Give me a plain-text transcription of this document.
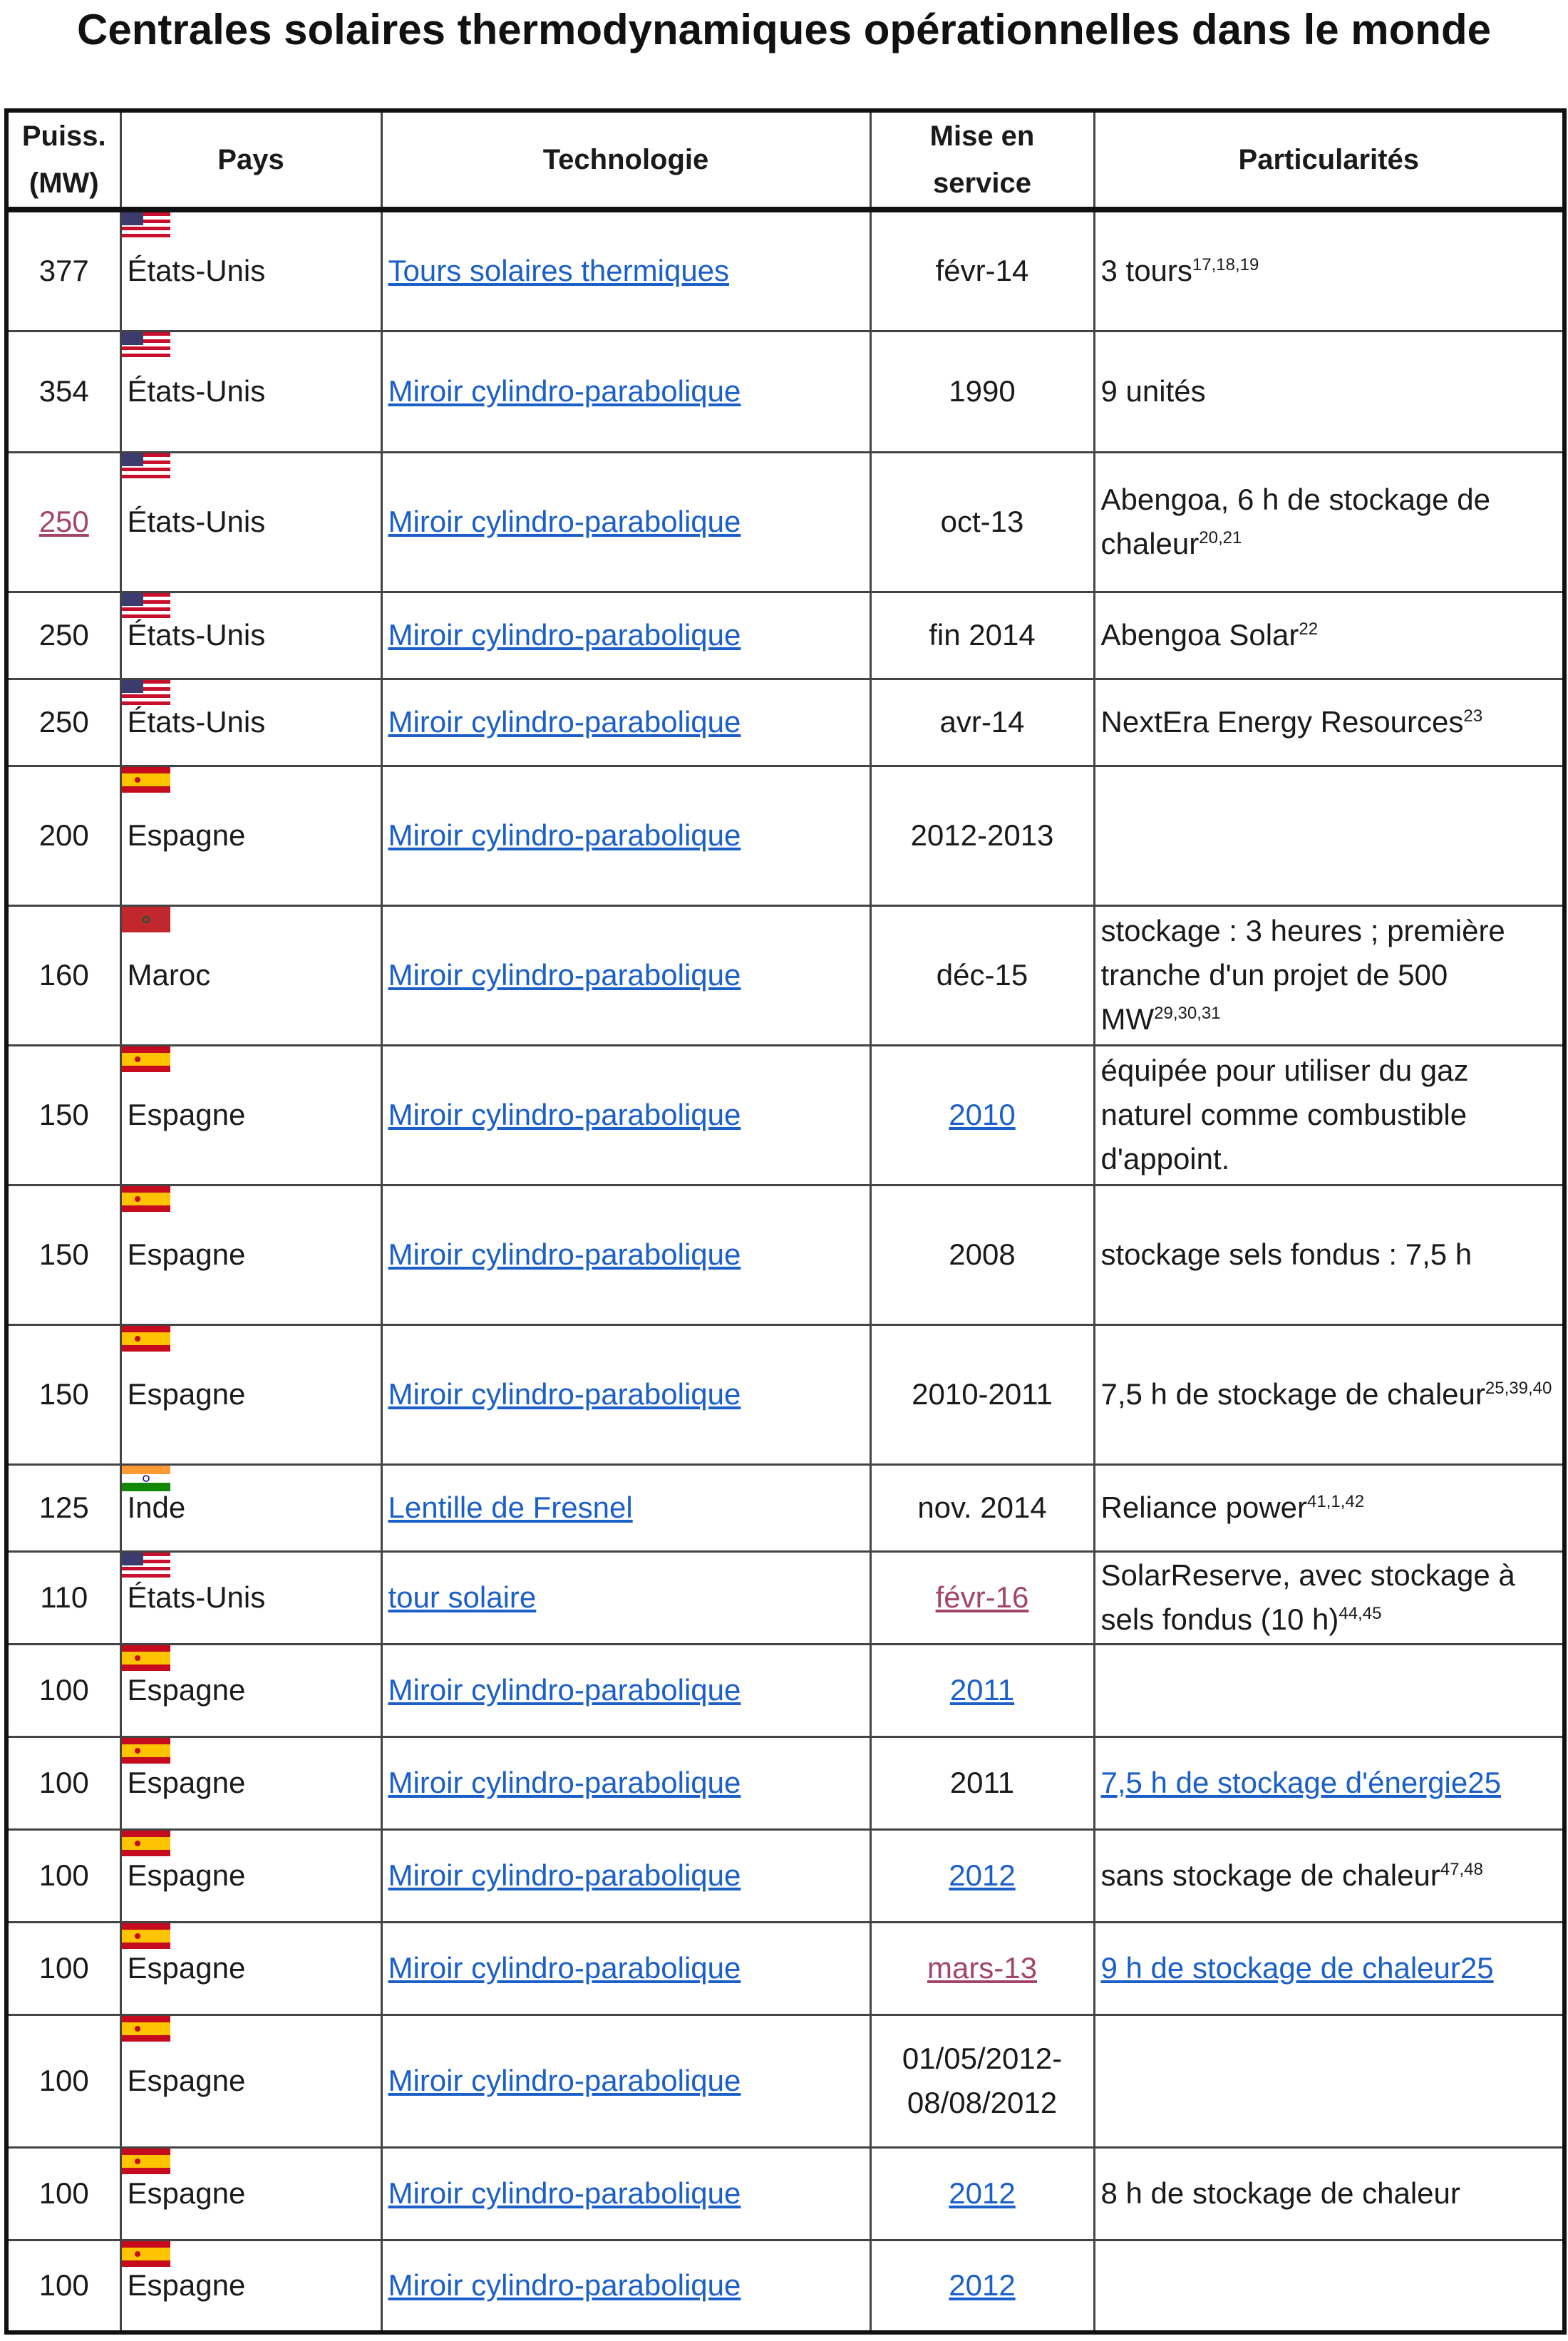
Centrales solaires thermodynamiques opérationnelles dans le monde
Puiss. (MW)	Pays	Technologie	Mise en service	Particularités
377	États-Unis	Tours solaires thermiques	févr-14	3 tours$^{17,18,19}$
354	États-Unis	Miroir cylindro-parabolique	1990	9 unités
250	États-Unis	Miroir cylindro-parabolique	oct-13	Abengoa, 6 h de stockage de chaleur$^{20,21}$
250	États-Unis	Miroir cylindro-parabolique	fin 2014	Abengoa Solar$^{22}$
250	États-Unis	Miroir cylindro-parabolique	avr-14	NextEra Energy Resources$^{23}$
200	Espagne	Miroir cylindro-parabolique	2012-2013	
160	Maroc	Miroir cylindro-parabolique	déc-15	stockage : 3 heures ; première tranche d'un projet de 500 MW$^{29,30,31}$
150	Espagne	Miroir cylindro-parabolique	2010	équipée pour utiliser du gaz naturel comme combustible d'appoint.
150	Espagne	Miroir cylindro-parabolique	2008	stockage sels fondus : 7,5 h
150	Espagne	Miroir cylindro-parabolique	2010-2011	7,5 h de stockage de chaleur$^{25,39,40}$
125	Inde	Lentille de Fresnel	nov. 2014	Reliance power$^{41,1,42}$
110	États-Unis	tour solaire	févr-16	SolarReserve, avec stockage à sels fondus (10 h)$^{44,45}$
100	Espagne	Miroir cylindro-parabolique	2011	
100	Espagne	Miroir cylindro-parabolique	2011	7,5 h de stockage d'énergie25
100	Espagne	Miroir cylindro-parabolique	2012	sans stockage de chaleur$^{47,48}$
100	Espagne	Miroir cylindro-parabolique	mars-13	9 h de stockage de chaleur25
100	Espagne	Miroir cylindro-parabolique	01/05/2012-08/08/2012	
100	Espagne	Miroir cylindro-parabolique	2012	8 h de stockage de chaleur
100	Espagne	Miroir cylindro-parabolique	2012	
